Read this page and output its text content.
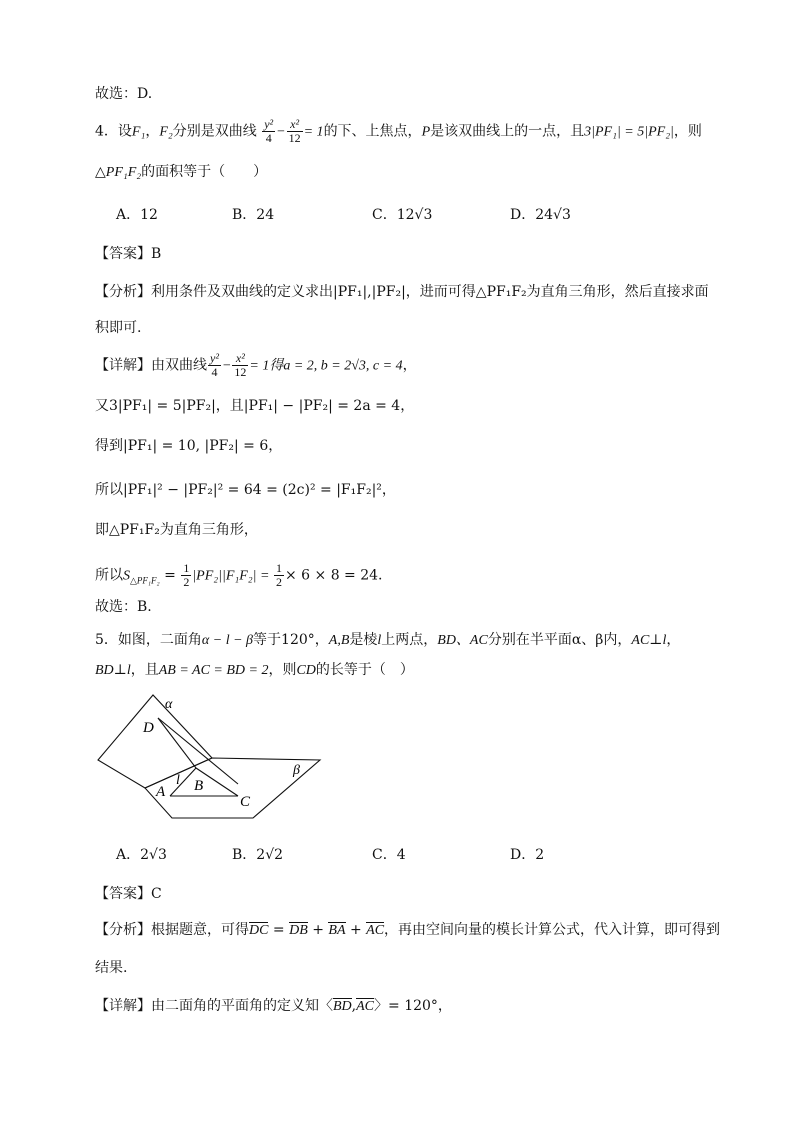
故选：D.
4．设F₁，F₂分别是双曲线 $\frac{\text{y²}}{4} - \frac{\text{x²}}{12} = 1$的下、上焦点，P是该双曲线上的一点，且3|PF₁| = 5|PF₂|，则
△PF₁F₂的面积等于（　　）
A．12	B．24	C．12√3	D．24√3
【答案】B
【分析】利用条件及双曲线的定义求出|PF₁|,|PF₂|，进而可得△PF₁F₂为直角三角形，然后直接求面
积即可.
【详解】由双曲线 $\frac{\text{y²}}{4} - \frac{\text{x²}}{12} = 1$得a = 2, b = 2√3, c = 4，
又3|PF₁| = 5|PF₂|，且|PF₁| − |PF₂| = 2a = 4，
得到|PF₁| = 10, |PF₂| = 6，
所以|PF₁|² − |PF₂|² = 64 = (2c)² = |F₁F₂|²，
即△PF₁F₂为直角三角形，
所以$S_{\triangle PF_1F_2} = \frac{1}{2} |PF_2||F_1F_2| = \frac{1}{2} \times 6 \times 8 = 24$.
故选：B.
5．如图，二面角α − l − β等于120°，A,B是棱l上两点，BD、AC分别在半平面α、β内，AC⊥l，
BD⊥l，且AB = AC = BD = 2，则CD的长等于（　）
α
β
D
l B
A
C
A．2√3	B．2√2	C．4	D．2
【答案】C
【分析】根据题意，可得DC = DB + BA + AC，再由空间向量的模长计算公式，代入计算，即可得到
结果.
【详解】由二面角的平面角的定义知〈BD,AC〉= 120°，
